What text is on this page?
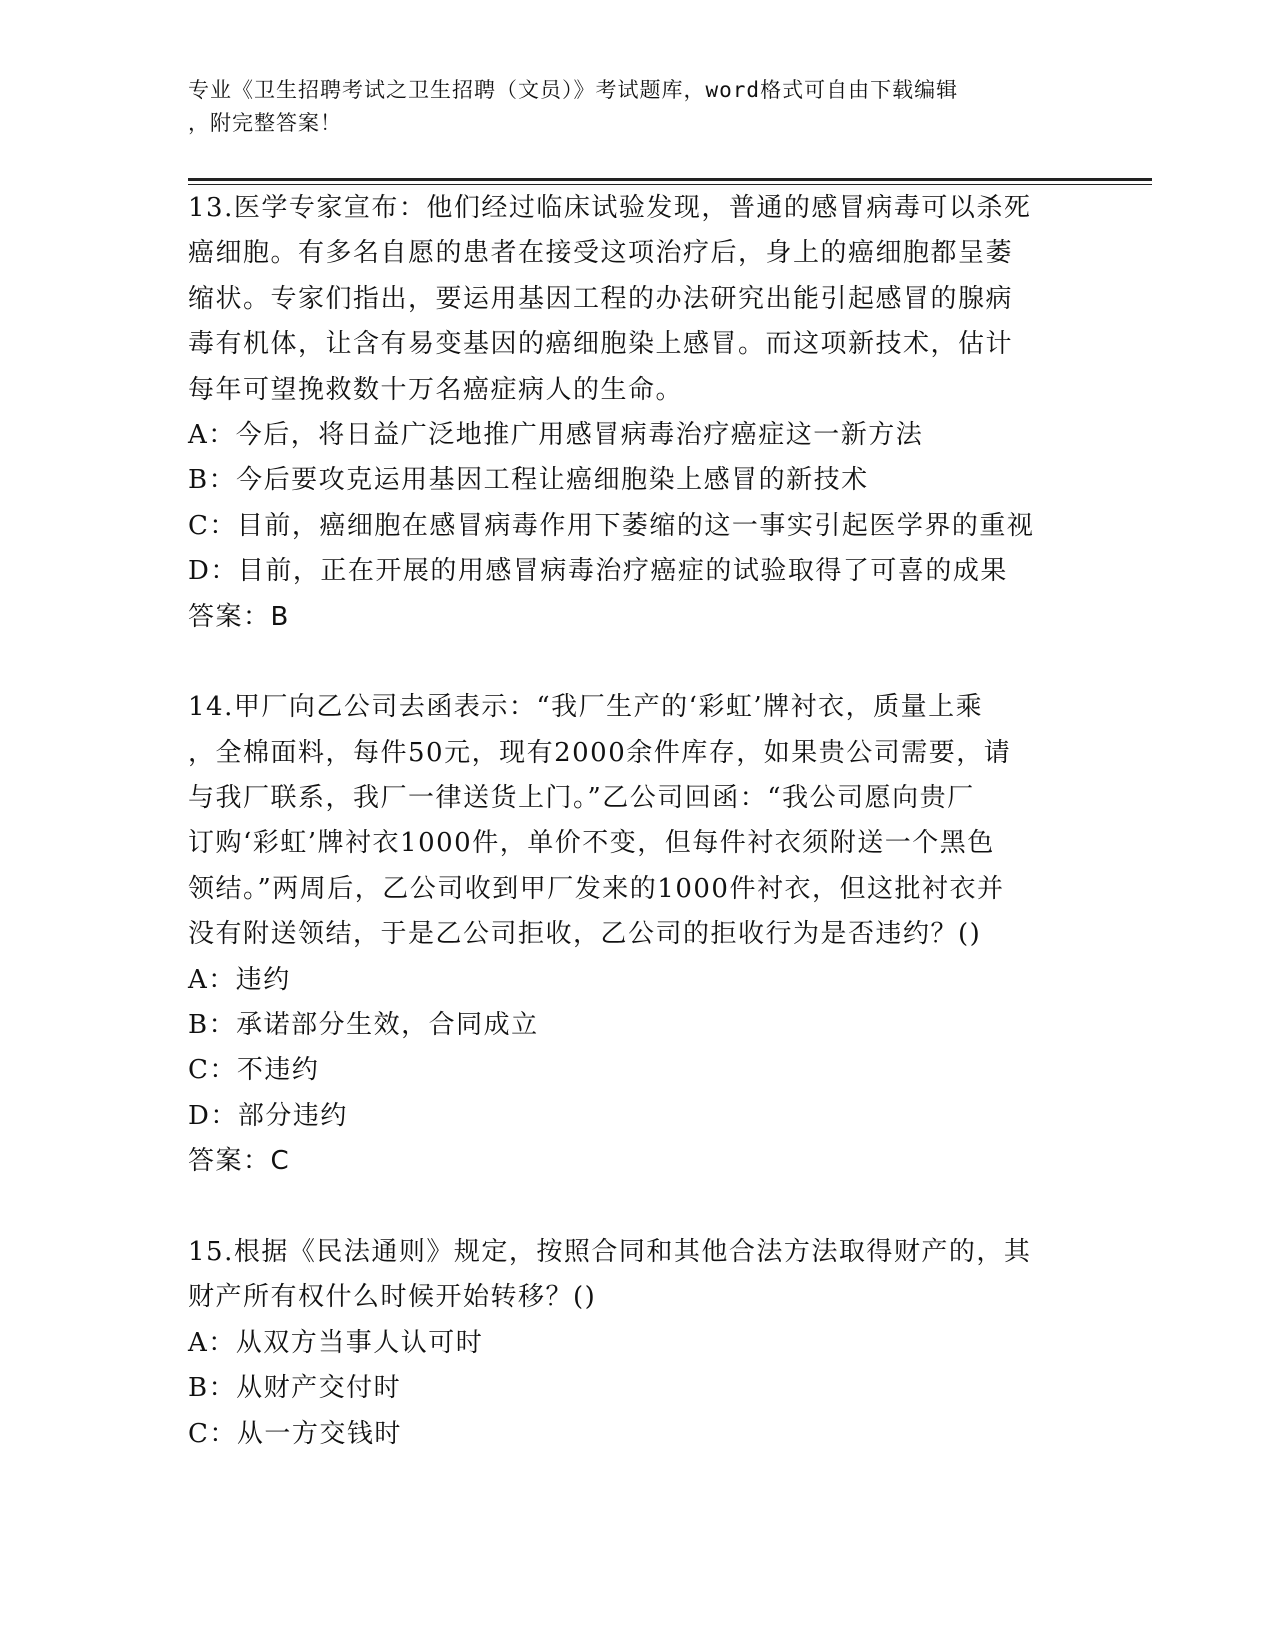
专业《卫生招聘考试之卫生招聘（文员）》考试题库，word格式可自由下载编辑
，附完整答案！
13.医学专家宣布：他们经过临床试验发现，普通的感冒病毒可以杀死
癌细胞。有多名自愿的患者在接受这项治疗后，身上的癌细胞都呈萎
缩状。专家们指出，要运用基因工程的办法研究出能引起感冒的腺病
毒有机体，让含有易变基因的癌细胞染上感冒。而这项新技术，估计
每年可望挽救数十万名癌症病人的生命。
A：今后，将日益广泛地推广用感冒病毒治疗癌症这一新方法
B：今后要攻克运用基因工程让癌细胞染上感冒的新技术
C：目前，癌细胞在感冒病毒作用下萎缩的这一事实引起医学界的重视
D：目前，正在开展的用感冒病毒治疗癌症的试验取得了可喜的成果
答案：B
14.甲厂向乙公司去函表示：“我厂生产的‘彩虹’牌衬衣，质量上乘
，全棉面料，每件50元，现有2000余件库存，如果贵公司需要，请
与我厂联系，我厂一律送货上门。”乙公司回函：“我公司愿向贵厂
订购‘彩虹’牌衬衣1000件，单价不变，但每件衬衣须附送一个黑色
领结。”两周后，乙公司收到甲厂发来的1000件衬衣，但这批衬衣并
没有附送领结，于是乙公司拒收，乙公司的拒收行为是否违约？()
A：违约
B：承诺部分生效，合同成立
C：不违约
D：部分违约
答案：C
15.根据《民法通则》规定，按照合同和其他合法方法取得财产的，其
财产所有权什么时候开始转移？()
A：从双方当事人认可时
B：从财产交付时
C：从一方交钱时
